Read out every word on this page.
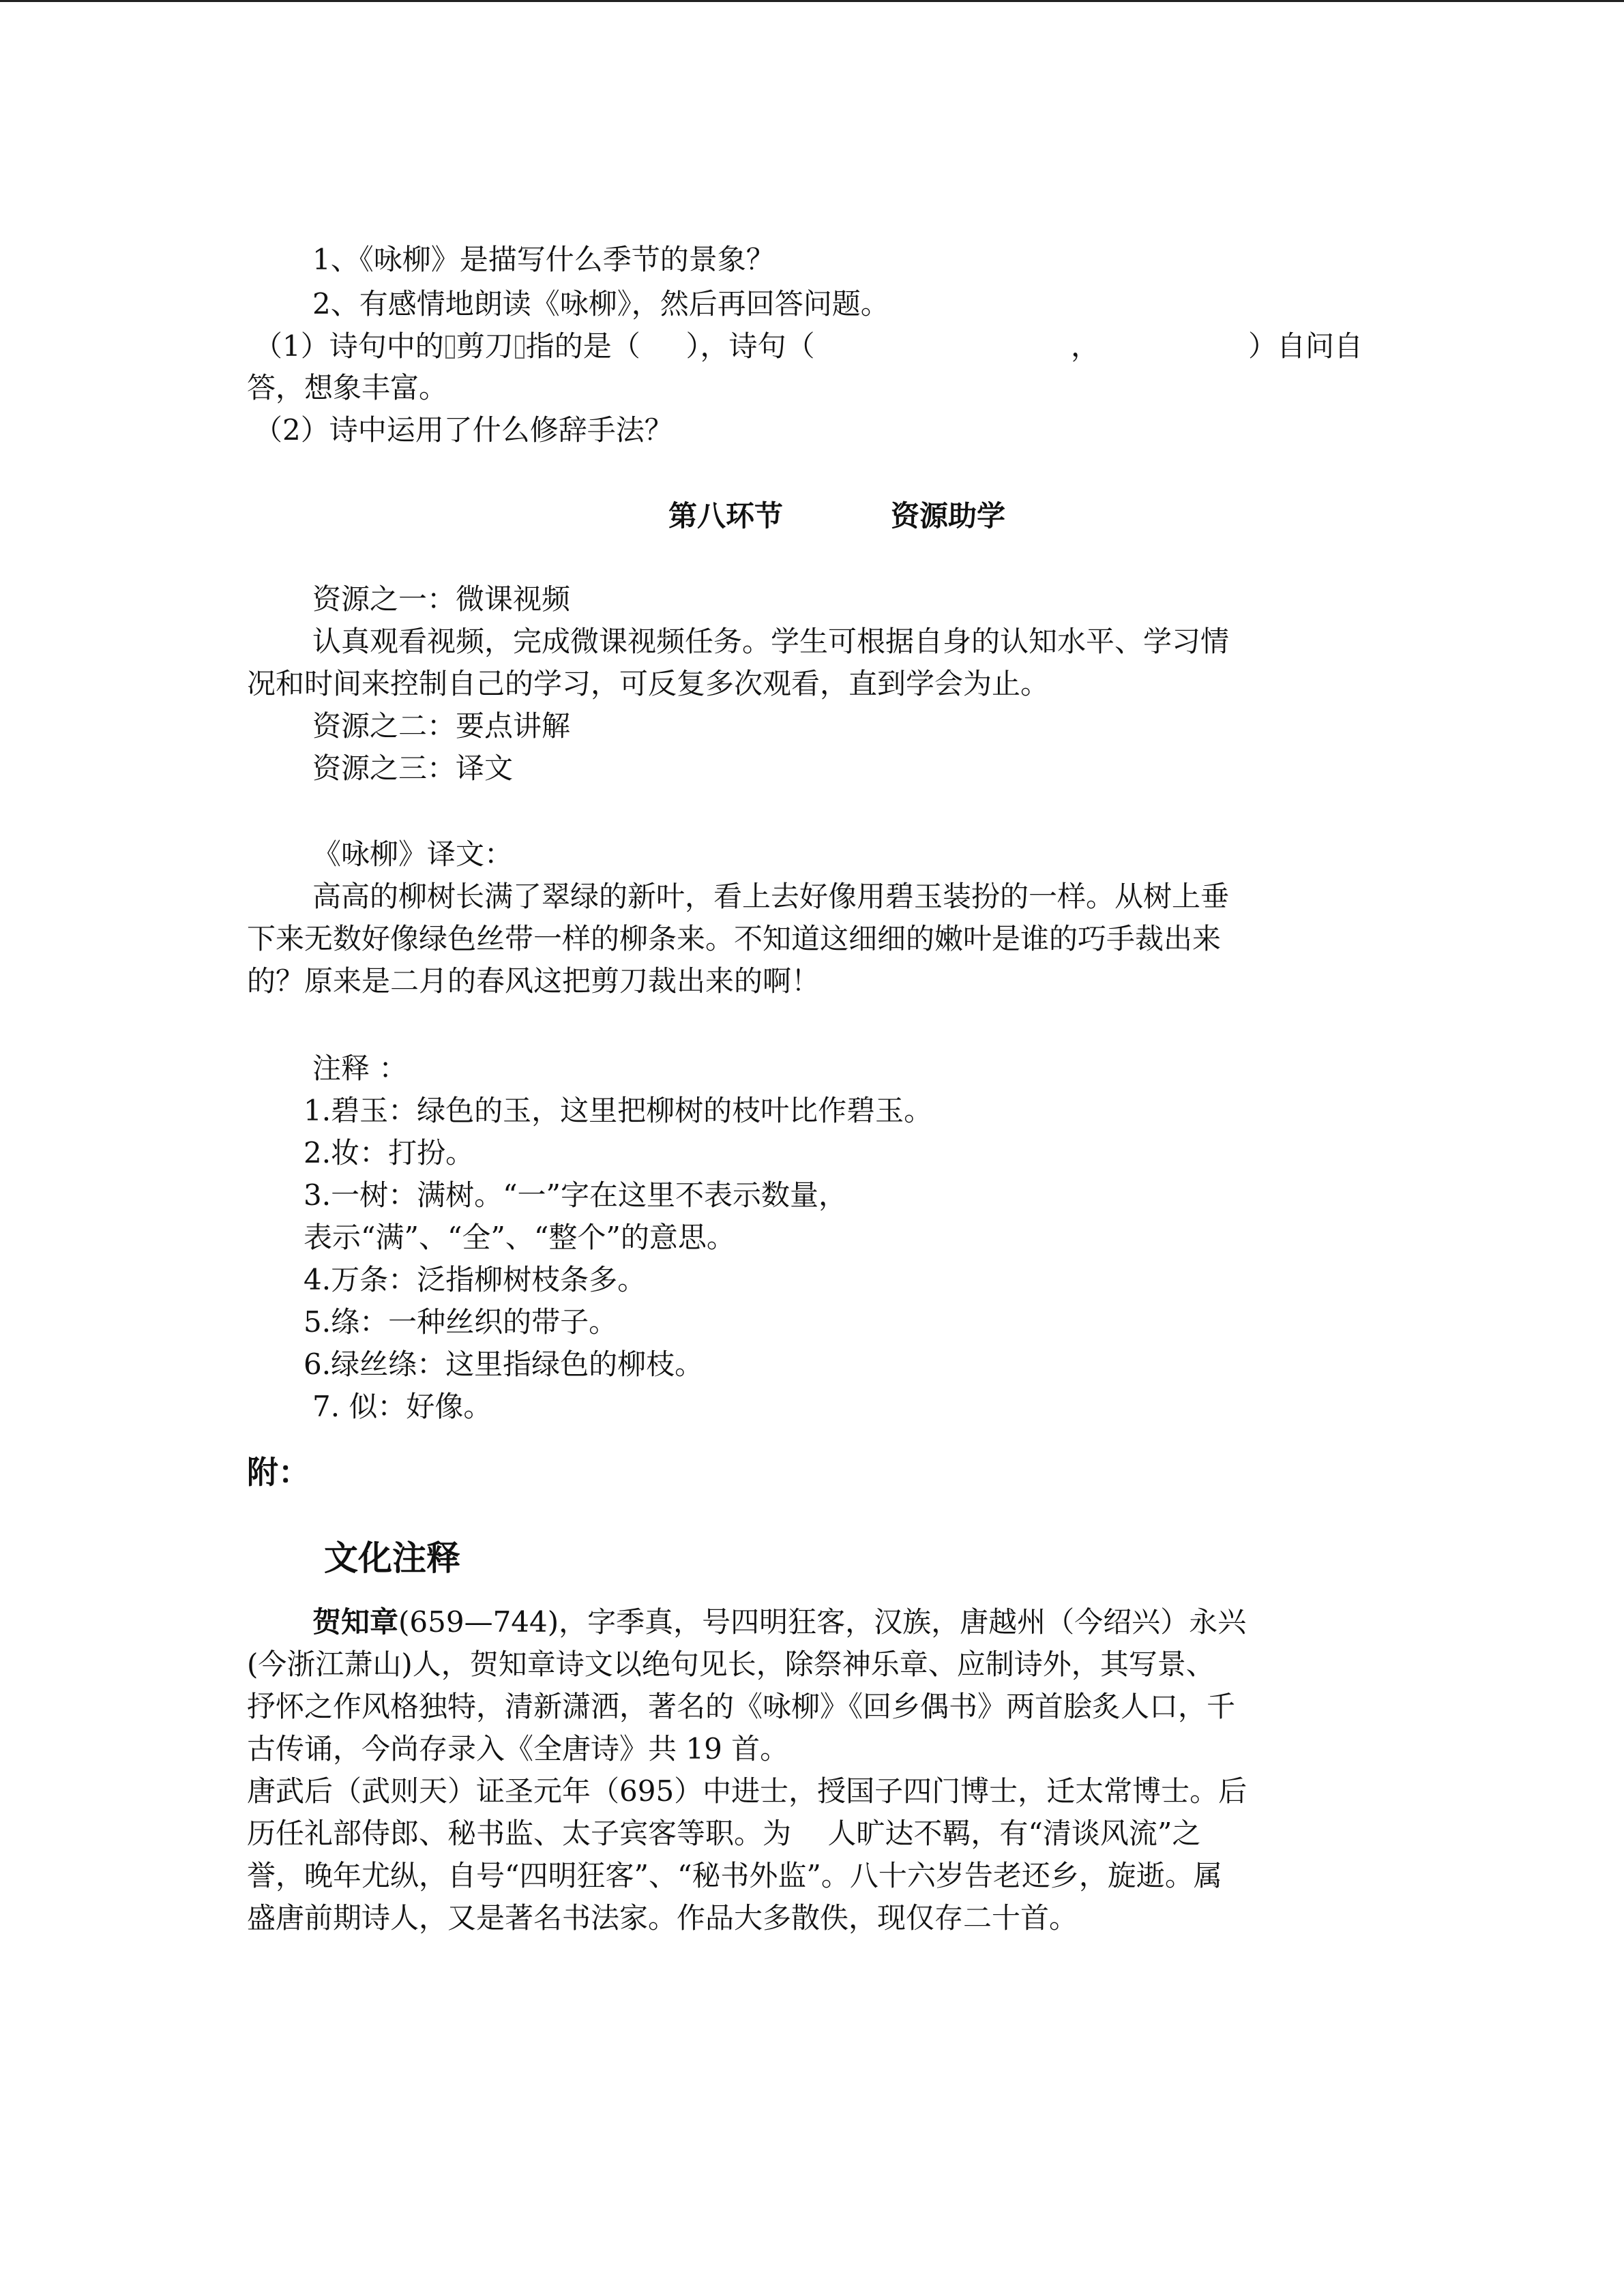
1、《咏柳》是描写什么季节的景象？

2、有感情地朗读《咏柳》，然后再回答问题。

（1）诗句中的 剪刀 指的是（     ），诗句（	，	）自问自

答，想象丰富。

（2）诗中运用了什么修辞手法？

第八环节	资源助学

资源之一：微课视频

认真观看视频，完成微课视频任务。学生可根据自身的认知水平、学习情

况和时间来控制自己的学习，可反复多次观看，直到学会为止。

资源之二：要点讲解

资源之三：译文

《咏柳》译文：

高高的柳树长满了翠绿的新叶，看上去好像用碧玉装扮的一样。从树上垂

下来无数好像绿色丝带一样的柳条来。不知道这细细的嫩叶是谁的巧手裁出来

的？原来是二月的春风这把剪刀裁出来的啊！

注释 ：

1.碧玉：绿色的玉，这里把柳树的枝叶比作碧玉。

2.妆：打扮。

3.一树：满树。“一”字在这里不表示数量，

表示“满”、“全”、“整个”的意思。

4.万条：泛指柳树枝条多。

5.绦：一种丝织的带子。

6.绿丝绦：这里指绿色的柳枝。

7. 似：好像。

附：

文化注释

贺知章(659—744)，字季真，号四明狂客，汉族，唐越州（今绍兴）永兴

(今浙江萧山)人，贺知章诗文以绝句见长，除祭神乐章、应制诗外，其写景、

抒怀之作风格独特，清新潇洒，著名的《咏柳》《回乡偶书》两首脍炙人口，千

古传诵，今尚存录入《全唐诗》共 19 首。

唐武后（武则天）证圣元年（695）中进士，授国子四门博士，迁太常博士。后

历任礼部侍郎、秘书监、太子宾客等职。为    人旷达不羁，有“清谈风流”之

誉，晚年尤纵，自号“四明狂客”、“秘书外监”。八十六岁告老还乡，旋逝。属

盛唐前期诗人，又是著名书法家。作品大多散佚，现仅存二十首。
